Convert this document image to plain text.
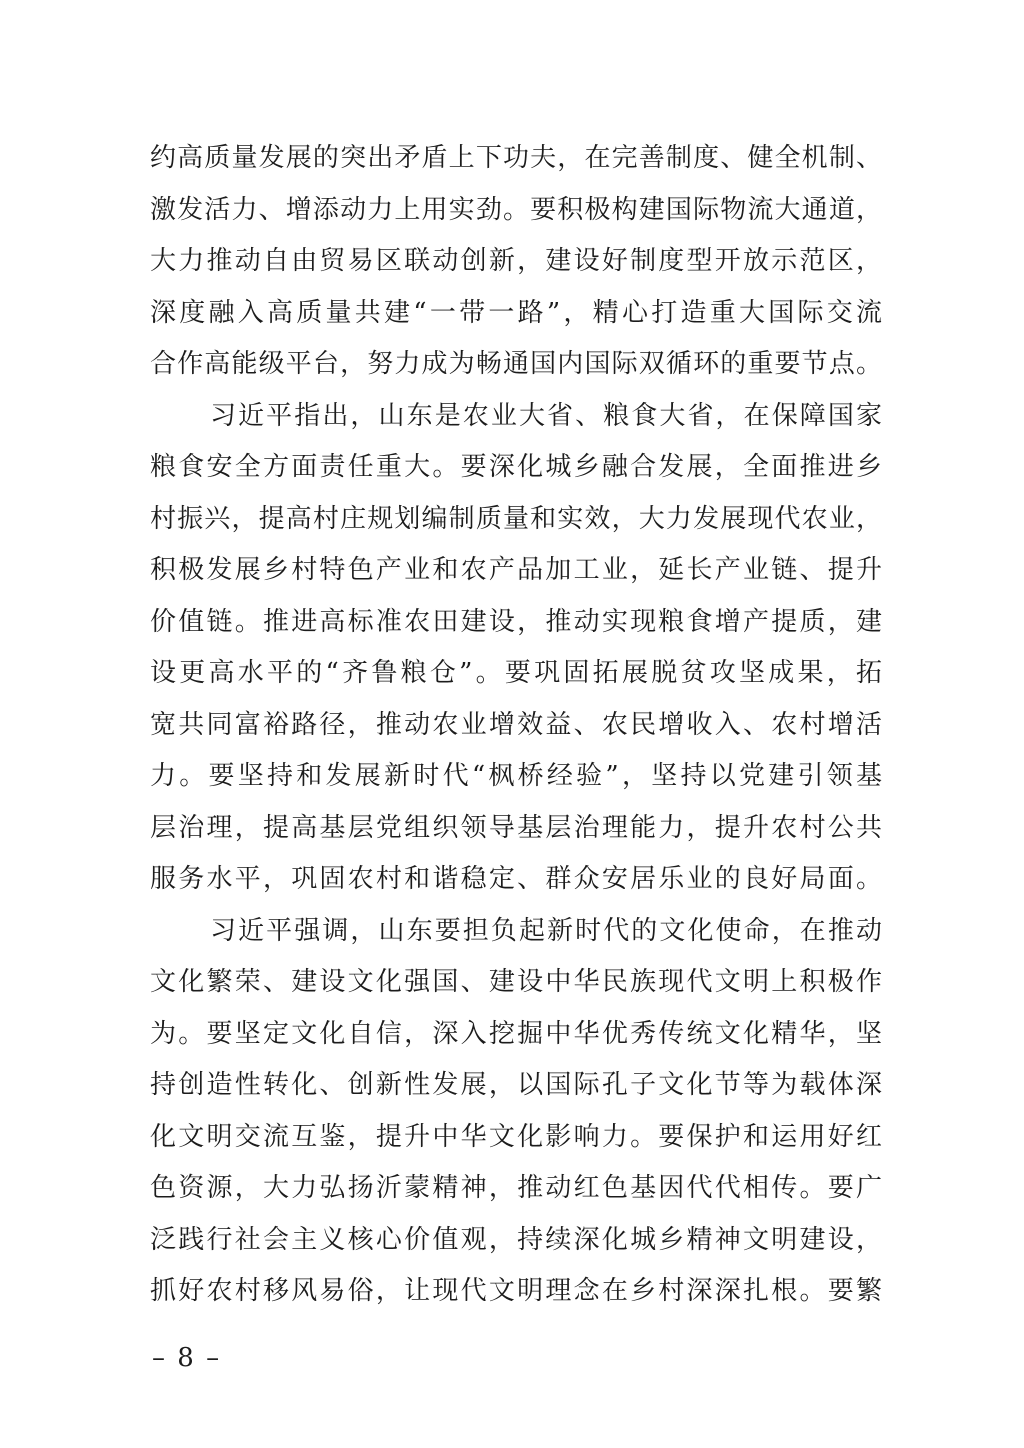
约高质量发展的突出矛盾上下功夫，在完善制度、健全机制、
激发活力、增添动力上用实劲。要积极构建国际物流大通道，
大力推动自由贸易区联动创新，建设好制度型开放示范区，
深度融入高质量共建“一带一路”，精心打造重大国际交流
合作高能级平台，努力成为畅通国内国际双循环的重要节点。
习近平指出，山东是农业大省、粮食大省，在保障国家
粮食安全方面责任重大。要深化城乡融合发展，全面推进乡
村振兴，提高村庄规划编制质量和实效，大力发展现代农业，
积极发展乡村特色产业和农产品加工业，延长产业链、提升
价值链。推进高标准农田建设，推动实现粮食增产提质，建
设更高水平的“齐鲁粮仓”。要巩固拓展脱贫攻坚成果，拓
宽共同富裕路径，推动农业增效益、农民增收入、农村增活
力。要坚持和发展新时代“枫桥经验”，坚持以党建引领基
层治理，提高基层党组织领导基层治理能力，提升农村公共
服务水平，巩固农村和谐稳定、群众安居乐业的良好局面。
习近平强调，山东要担负起新时代的文化使命，在推动
文化繁荣、建设文化强国、建设中华民族现代文明上积极作
为。要坚定文化自信，深入挖掘中华优秀传统文化精华，坚
持创造性转化、创新性发展，以国际孔子文化节等为载体深
化文明交流互鉴，提升中华文化影响力。要保护和运用好红
色资源，大力弘扬沂蒙精神，推动红色基因代代相传。要广
泛践行社会主义核心价值观，持续深化城乡精神文明建设，
抓好农村移风易俗，让现代文明理念在乡村深深扎根。要繁
– 8 –
